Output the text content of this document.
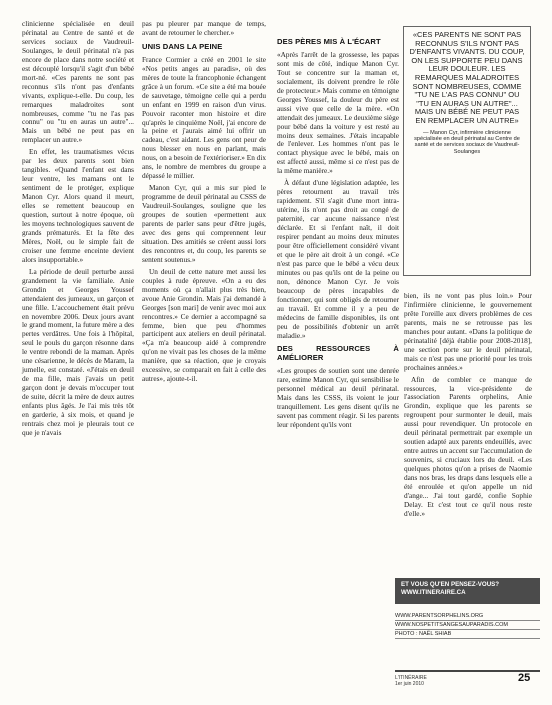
clinicienne spécialisée en deuil périnatal au Centre de santé et de services sociaux de Vaudreuil-Soulanges, le deuil périnatal n'a pas encore de place dans notre société et est découplé lorsqu'il s'agit d'un bébé mort-né. «Ces parents ne sont pas reconnus s'ils n'ont pas d'enfants vivants, explique-t-elle. Du coup, les remarques maladroites sont nombreuses, comme "tu ne l'as pas connu" ou "tu en auras un autre"... Mais un bébé ne peut pas en remplacer un autre.»

En effet, les traumatismes vécus par les deux parents sont bien tangibles. «Quand l'enfant est dans leur ventre, les mamans ont le sentiment de le protéger, explique Manon Cyr. Alors quand il meurt, elles se remettent beaucoup en question, surtout à notre époque, où les moyens technologiques sauvent de grands prématurés. Et la fête des Mères, Noël, ou le simple fait de croiser une femme enceinte devient alors insupportable.»

La période de deuil perturbe aussi grandement la vie familiale. Anie Grondin et Georges Youssef attendaient des jumeaux, un garçon et une fille. L'accouchement était prévu en novembre 2006. Deux jours avant le grand moment, la future mère a des pertes verdâtres. Une fois à l'hôpital, seul le pouls du garçon résonne dans le ventre rebondi de la maman. Après une césarienne, le décès de Maram, la jumelle, est constaté. «J'étais en deuil de ma fille, mais j'avais un petit garçon dont je devais m'occuper tout de suite, décrit la mère de deux autres enfants plus âgés. Je l'ai mis très tôt en garderie, à six mois, et quand je rentrais chez moi je pleurais tout ce que je n'avais

pas pu pleurer par manque de temps, avant de retourner le chercher.»

UNIS DANS LA PEINE

France Cormier a créé en 2001 le site «Nos petits anges au paradis», où des mères de toute la francophonie échangent grâce à un forum. «Ce site a été ma bouée de sauvetage, témoigne celle qui a perdu un enfant en 1999 en raison d'un virus. Pouvoir raconter mon histoire et dire qu'après le cinquième Noël, j'ai encore de la peine et j'aurais aimé lui offrir un cadeau, c'est aidant. Les gens ont peur de nous blesser en nous en parlant, mais nous, on a besoin de l'extérioriser.» En dix ans, le nombre de membres du groupe a dépassé le millier.

Manon Cyr, qui a mis sur pied le programme de deuil périnatal au CSSS de Vaudreuil-Soulanges, souligne que les groupes de soutien «permettent aux parents de parler sans peur d'être jugés, avec des gens qui comprennent leur situation. Des amitiés se créent aussi lors des rencontres et, du coup, les parents se sentent soutenus.»

Un deuil de cette nature met aussi les couples à rude épreuve. «On a eu des moments où ça n'allait plus très bien, avoue Anie Grondin. Mais j'ai demandé à Georges [son mari] de venir avec moi aux rencontres.» Ce dernier a accompagné sa femme, bien que peu d'hommes participent aux ateliers en deuil périnatal. «Ça m'a beaucoup aidé à comprendre qu'on ne vivait pas les choses de la même manière, que sa réaction, que je croyais excessive, se comparait en fait à celle des autres», ajoute-t-il.

DES PÈRES MIS À L'ÉCART

«Après l'arrêt de la grossesse, les papas sont mis de côté, indique Manon Cyr. Tout se concentre sur la maman et, socialement, ils doivent prendre le rôle de protecteur.» Mais comme en témoigne Georges Youssef, la douleur du père est aussi vive que celle de la mère. «On attendait des jumeaux. Le deuxième siège pour bébé dans la voiture y est resté au moins deux semaines. J'étais incapable de l'enlever. Les hommes n'ont pas le contact physique avec le bébé, mais on est affecté aussi, même si ce n'est pas de la même manière.»

À défaut d'une législation adaptée, les pères retournent au travail très rapidement. S'il s'agit d'une mort intra-utérine, ils n'ont pas droit au congé de paternité, car aucune naissance n'est déclarée. Et si l'enfant naît, il doit respirer pendant au moins deux minutes pour être officiellement considéré vivant et que le père ait droit à un congé. «Ce n'est pas parce que le bébé a vécu deux minutes ou pas qu'ils ont de la peine ou non, dénonce Manon Cyr. Je vois beaucoup de pères incapables de fonctionner, qui sont obligés de retourner au travail. Et comme il y a peu de médecins de famille disponibles, ils ont peu de possibilités d'obtenir un arrêt maladie.»

DES RESSOURCES À AMÉLIORER

«Les groupes de soutien sont une denrée rare, estime Manon Cyr, qui sensibilise le personnel médical au deuil périnatal. Mais dans les CSSS, ils voient le jour tranquillement. Les gens disent qu'ils ne savent pas comment réagir. Si les parents leur répondent qu'ils vont

«CES PARENTS NE SONT PAS RECONNUS S'ILS N'ONT PAS D'ENFANTS VIVANTS. DU COUP, ON LES SUPPORTE PEU DANS LEUR DOULEUR. LES REMARQUES MALADROITES SONT NOMBREUSES, COMME "TU NE L'AS PAS CONNU" OU "TU EN AURAS UN AUTRE"... MAIS UN BÉBÉ NE PEUT PAS EN REMPLACER UN AUTRE»
— Manon Cyr, infirmière clinicienne spécialisée en deuil périnatal au Centre de santé et de services sociaux de Vaudreuil-Soulanges

bien, ils ne vont pas plus loin.» Pour l'infirmière clinicienne, le gouvernement prête l'oreille aux divers problèmes de ces parents, mais ne se retrousse pas les manches pour autant. «Dans la politique de périnatalité [déjà établie pour 2008-2018], une section porte sur le deuil périnatal, mais ce n'est pas une priorité pour les trois prochaines années.»

Afin de combler ce manque de ressources, la vice-présidente de l'association Parents orphelins, Anie Grondin, explique que les parents se regroupent pour surmonter le deuil, mais aussi pour revendiquer. Un protocole en deuil périnatal permettrait par exemple un soutien adapté aux parents endeuillés, avec entre autres un accent sur l'accumulation de souvenirs, si cruciaux lors du deuil. «Les quelques photos qu'on a prises de Naomie dans nos bras, les draps dans lesquels elle a été enroulée et qu'on appelle un nid d'ange... J'ai tout gardé, confie Sophie Delay. Et c'est tout ce qu'il nous reste d'elle.»

ET VOUS QU'EN PENSEZ-VOUS?
WWW.ITINERAIRE.CA
WWW.PARENTSORPHELINS.ORG
WWW.NOSPETITSANGESAUPARADIS.COM
PHOTO : NAËL SHIAB
L'ITINÉRAIRE
1er juin 2010	25
